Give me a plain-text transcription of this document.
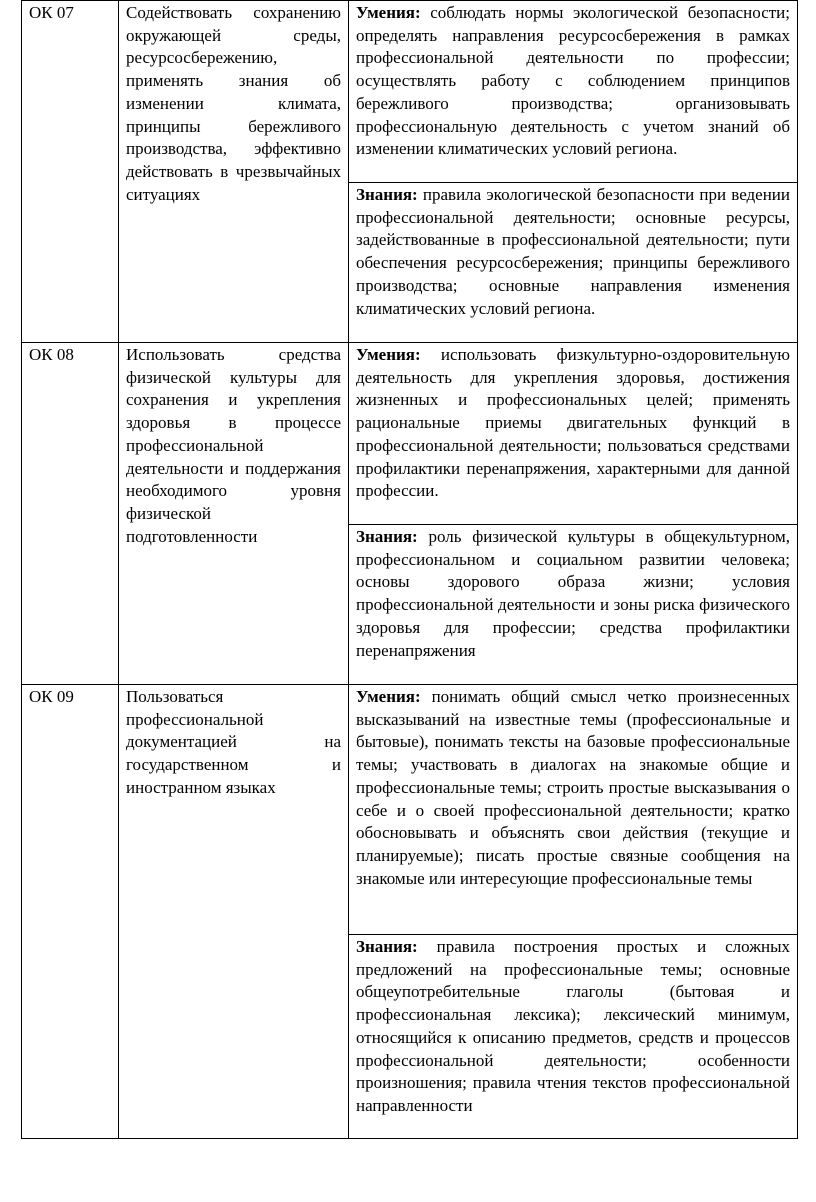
ОК 07	Содействовать сохранению окружающей среды, ресурсосбережению, применять знания об изменении климата, принципы бережливого производства, эффективно действовать в чрезвычайных ситуациях	Умения: соблюдать нормы экологической безопасности; определять направления ресурсосбережения в рамках профессиональной деятельности по профессии; осуществлять работу с соблюдением принципов бережливого производства; организовывать профессиональную деятельность с учетом знаний об изменении климатических условий региона.
		Знания: правила экологической безопасности при ведении профессиональной деятельности; основные ресурсы, задействованные в профессиональной деятельности; пути обеспечения ресурсосбережения; принципы бережливого производства; основные направления изменения климатических условий региона.
ОК 08	Использовать средства физической культуры для сохранения и укрепления здоровья в процессе профессиональной деятельности и поддержания необходимого уровня физической подготовленности	Умения: использовать физкультурно-оздоровительную деятельность для укрепления здоровья, достижения жизненных и профессиональных целей; применять рациональные приемы двигательных функций в профессиональной деятельности; пользоваться средствами профилактики перенапряжения, характерными для данной профессии.
		Знания: роль физической культуры в общекультурном, профессиональном и социальном развитии человека; основы здорового образа жизни; условия профессиональной деятельности и зоны риска физического здоровья для профессии; средства профилактики перенапряжения
ОК 09	Пользоваться профессиональной документацией на государственном и иностранном языках	Умения: понимать общий смысл четко произнесенных высказываний на известные темы (профессиональные и бытовые), понимать тексты на базовые профессиональные темы; участвовать в диалогах на знакомые общие и профессиональные темы; строить простые высказывания о себе и о своей профессиональной деятельности; кратко обосновывать и объяснять свои действия (текущие и планируемые); писать простые связные сообщения на знакомые или интересующие профессиональные темы
		Знания: правила построения простых и сложных предложений на профессиональные темы; основные общеупотребительные глаголы (бытовая и профессиональная лексика); лексический минимум, относящийся к описанию предметов, средств и процессов профессиональной деятельности; особенности произношения; правила чтения текстов профессиональной направленности
